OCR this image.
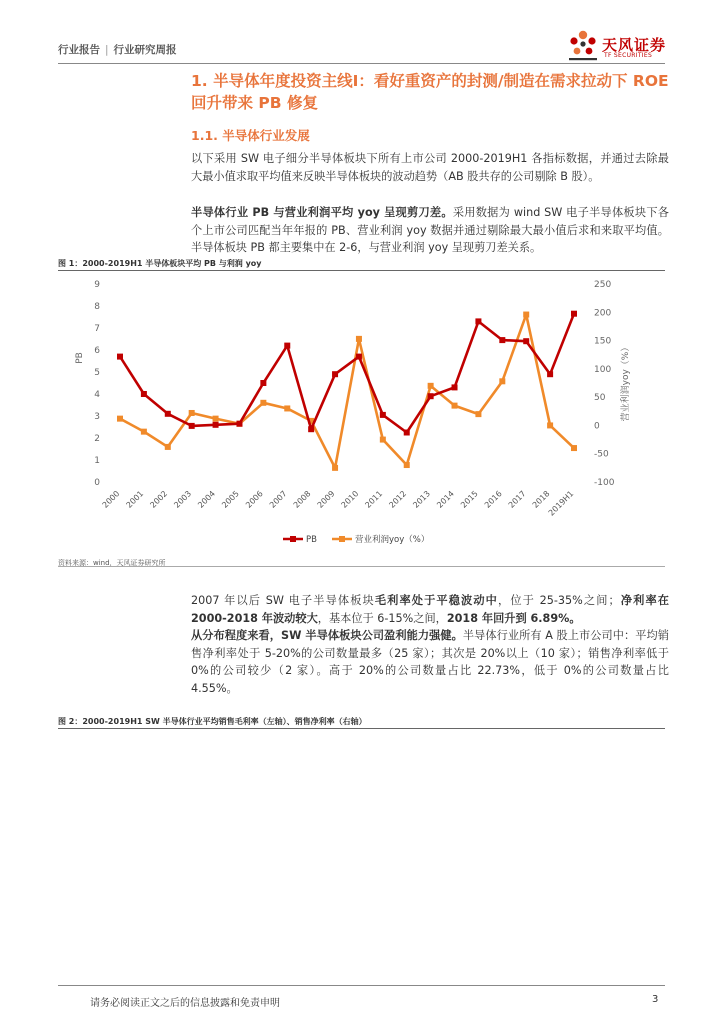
行业报告 | 行业研究周报	天风证券
TF SECURITIES
1. 半导体年度投资主线Ⅰ：看好重资产的封测/制造在需求拉动下 ROE 回升带来 PB 修复
1.1. 半导体行业发展
以下采用 SW 电子细分半导体板块下所有上市公司 2000-2019H1 各指标数据，并通过去除最大最小值求取平均值来反映半导体板块的波动趋势（AB 股共存的公司剔除 B 股）。
半导体行业 PB 与营业利润平均 yoy 呈现剪刀差。采用数据为 wind SW 电子半导体板块下各个上市公司匹配当年年报的 PB、营业利润 yoy 数据并通过剔除最大最小值后求和来取平均值。半导体板块 PB 都主要集中在 2-6，与营业利润 yoy 呈现剪刀差关系。
图 1：2000-2019H1 半导体板块平均 PB 与利润 yoy
0
1
2
3
4
5
6
7
8
9
-100
-50
0
50
100
150
200
250
2000 2001 2002 2003 2004 2005 2006 2007 2008 2009 2010 2011 2012 2013 2014 2015 2016 2017 2018
2019H1
PB	营业利润yoy（%）
PB	营业利润yoy（%）
资料来源：wind，天风证券研究所
2007 年以后 SW 电子半导体板块毛利率处于平稳波动中，位于 25-35%之间；净利率在 2000-2018 年波动较大，基本位于 6-15%之间，2018 年回升到 6.89%。
从分布程度来看，SW 半导体板块公司盈利能力强健。半导体行业所有 A 股上市公司中：平均销售净利率处于 5-20%的公司数量最多（25 家）；其次是 20%以上（10 家）；销售净利率低于 0%的公司较少（2 家）。高于 20%的公司数量占比 22.73%，低于 0%的公司数量占比 4.55%。
图 2：2000-2019H1 SW 半导体行业平均销售毛利率（左轴）、销售净利率（右轴）
请务必阅读正文之后的信息披露和免责申明	3
